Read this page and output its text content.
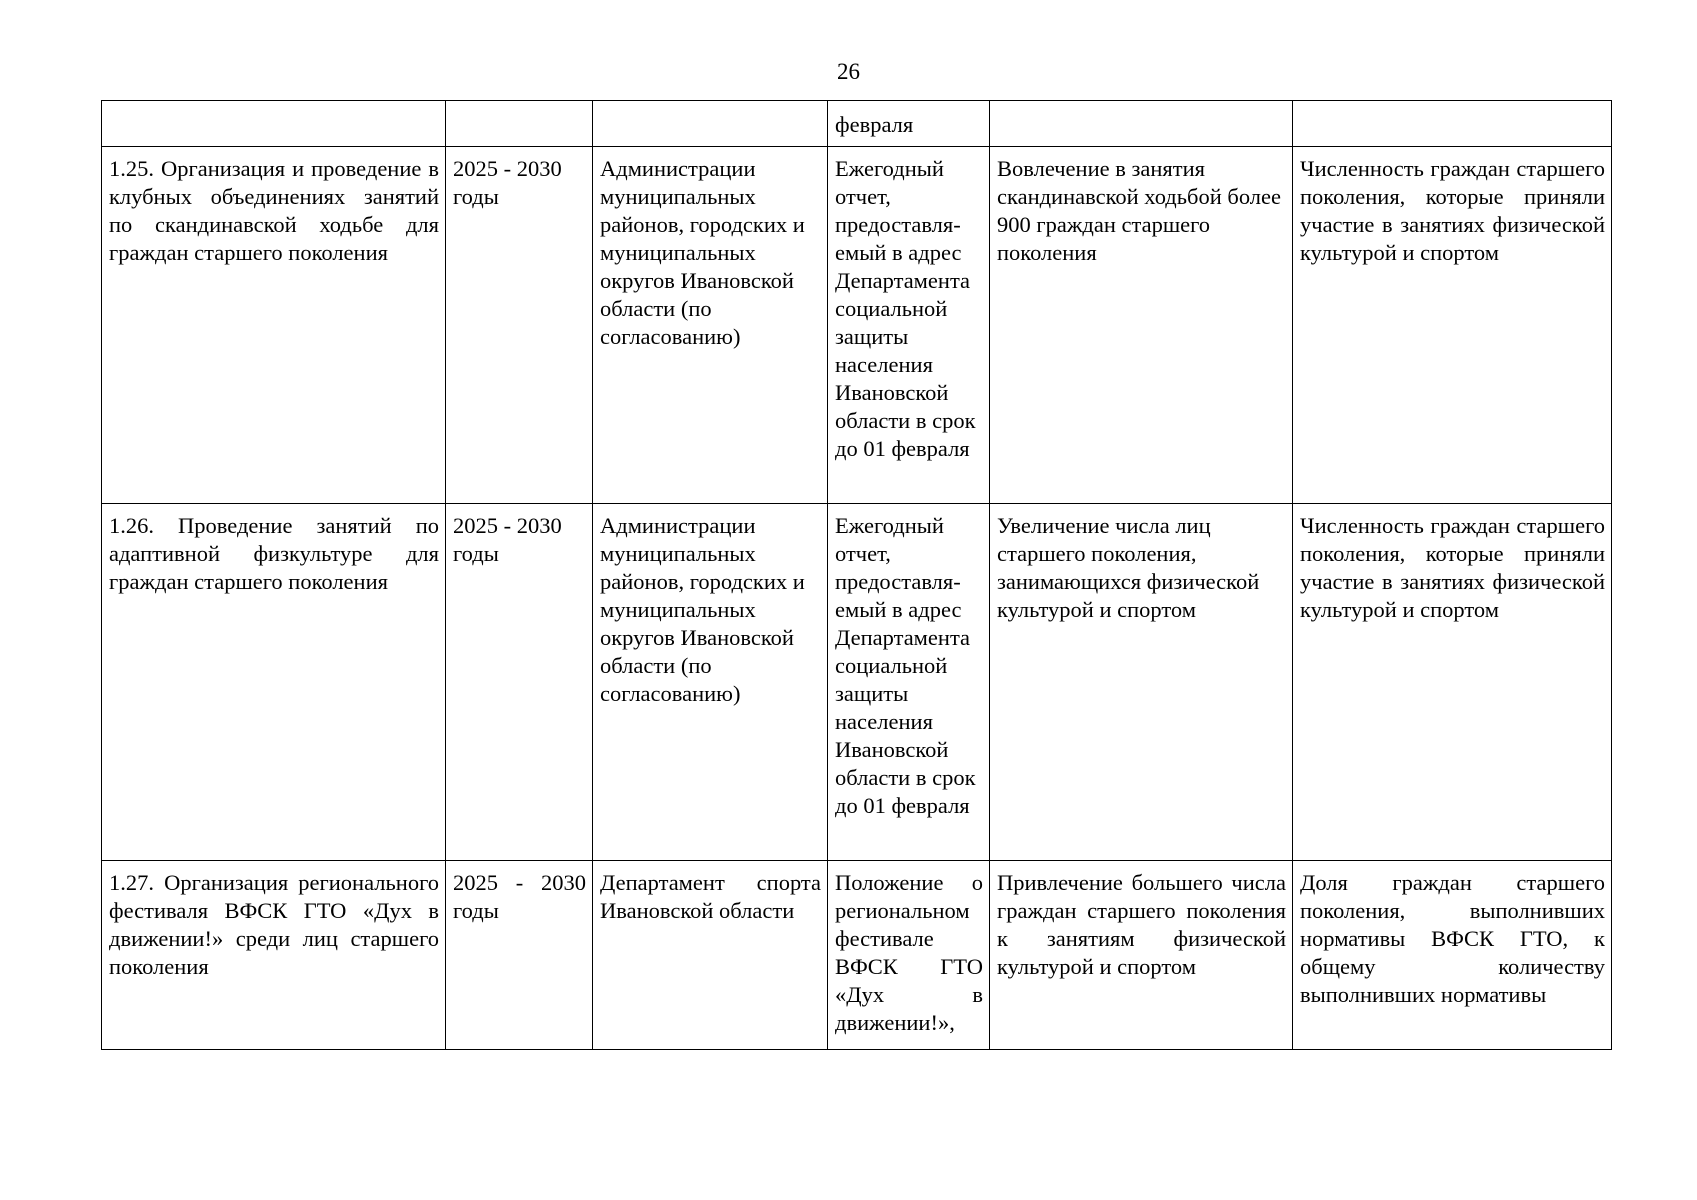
26
			февраля		
1.25. Организация и проведение в клубных объединениях занятий по скандинавской ходьбе для граждан старшего поколения	2025 - 2030 годы	Администрации муниципальных районов, городских и муниципальных округов Ивановской области (по согласованию)	Ежегодный отчет, предоставля-емый в адрес Департамента социальной защиты населения Ивановской области в срок до 01 февраля	Вовлечение в занятия скандинавской ходьбой более 900 граждан старшего поколения	Численность граждан старшего поколения, которые приняли участие в занятиях физической культурой и спортом
1.26. Проведение занятий по адаптивной физкультуре для граждан старшего поколения	2025 - 2030 годы	Администрации муниципальных районов, городских и муниципальных округов Ивановской области (по согласованию)	Ежегодный отчет, предоставля-емый в адрес Департамента социальной защиты населения Ивановской области в срок до 01 февраля	Увеличение числа лиц старшего поколения, занимающихся физической культурой и спортом	Численность граждан старшего поколения, которые приняли участие в занятиях физической культурой и спортом
1.27. Организация регионального фестиваля ВФСК ГТО «Дух в движении!» среди лиц старшего поколения	2025 - 2030 годы	Департамент спорта Ивановской области	Положение о региональном фестивале ВФСК ГТО «Дух в движении!»,	Привлечение большего числа граждан старшего поколения к занятиям физической культурой и спортом	Доля граждан старшего поколения, выполнивших нормативы ВФСК ГТО, к общему количеству выполнивших нормативы
